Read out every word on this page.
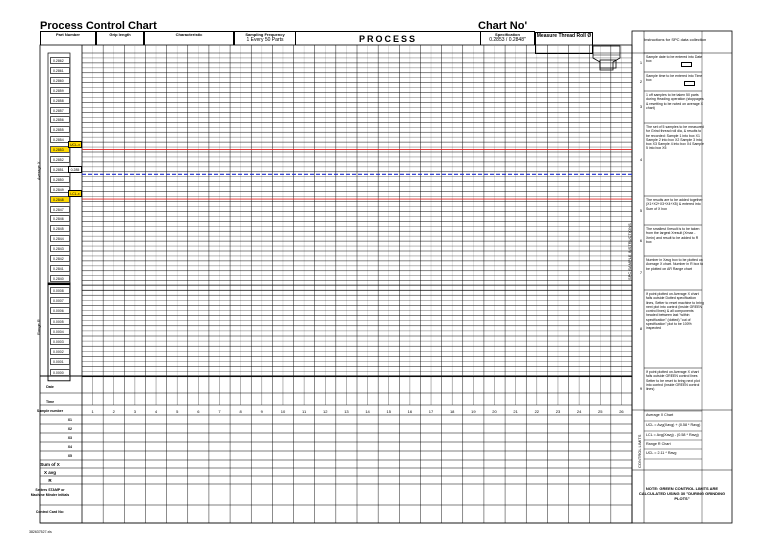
Process Control Chart	Chart No'
Part Number	Grip length	Characteristic	Sampling Frequency
1 Every 50 Parts	PROCESS	Specification
0.2853 / 0.2848"
Measure Thread Roll Ø
0.2862
0.2861
0.2860
0.2859
0.2858
0.2857
0.2856
0.2855
0.2854
0.2853
0.2852
0.2851
0.2850
0.2849
0.2848
0.2847
0.2846
0.2845
0.2844
0.2843
0.2842
0.2841
0.2840
0.0008
0.0007
0.0006
0.0005
0.0004
0.0003
0.0002
0.0001
0.0000
UCL-x
0.285
LCL-x
Average X
Range R
Date
Time
Sample number
X1
X2
X3
X4
X5
Sum of X
X avg
R
Setters STAMP or Machine Minder initials
Control Card No:
1	2	3	4	5	6	7	8	9	10	11	12	13	14	15	16	17	18	19	20	21	22	23	24	25	26
Instructions for SPC data collection
1
Sample date to be entered into Date box
2
Sample time to be entered into Time box
3
1 off samples to be taken 50 parts during Heading operation (stoppages & resetting to be noted on average X chart)
4
The set of 5 samples to be measured for Grind thread roll dia, & results to be recorded: Sample 1 into box X1 Sample 2 into box X2 Sample 3 into box X3 Sample 4 into box X4 Sample 5 into box X5
5
The results are to be added together (X1+X2+X3+X4+X5) & entered into Sum of X box
6
The smallest Xresult is to be taken from the largest Xresult (Xmax - Xmin) and result to be added to R box
7
Number in Xavg box to be plotted on Average X chart. Number in R box to be plotted on AR Range chart
8
If point plotted on Average X chart falls outside Dotted specification lines, Setter to reset machine to bring next plot into control (inside GREEN control lines) & all components headed between last "within specification" (dotted) "out of specification" plot to be 100% inspected
9
If point plotted on Average X chart falls outside GREEN control lines Setter to be reset to bring next plot into control (inside GREEN control lines)
SPC SAMPLE INSTRUCTIONS
CONTROL LIMITS
Average X Chart
UCL = Avg(Xavg) + (0.58 * Ravg)
LCL = Avg(Xavg) - (0.58 * Ravg)
Range R Chart
UCL = 2.11 * Ravg
NOTE: GREEN CONTROL LIMITS ARE CALCULATED USING 30 "DURING GRINDING PLOTS"
382637527.xls
